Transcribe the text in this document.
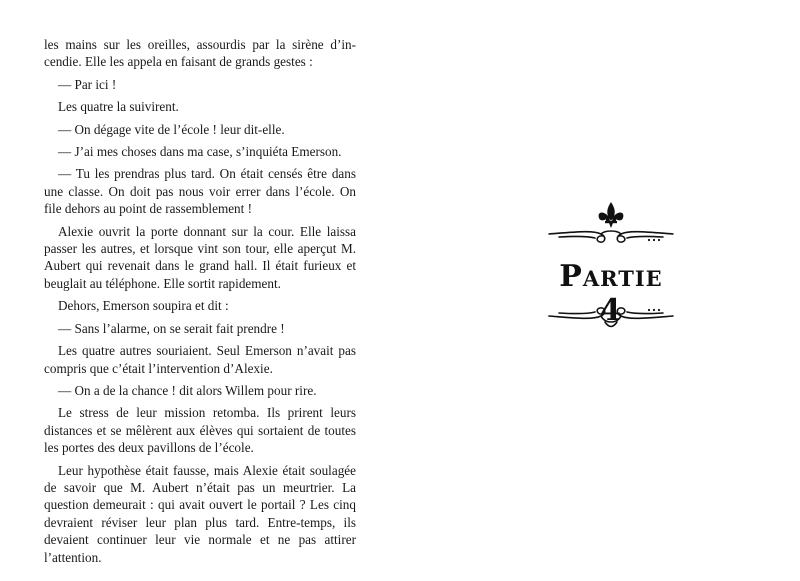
les mains sur les oreilles, assourdis par la sirène d’incendie. Elle les appela en faisant de grands gestes :

— Par ici !

Les quatre la suivirent.

— On dégage vite de l’école ! leur dit-elle.

— J’ai mes choses dans ma case, s’inquiéta Emerson.

— Tu les prendras plus tard. On était censés être dans une classe. On doit pas nous voir errer dans l’école. On file dehors au point de rassemblement !

Alexie ouvrit la porte donnant sur la cour. Elle laissa passer les autres, et lorsque vint son tour, elle aperçut M. Aubert qui revenait dans le grand hall. Il était furieux et beuglait au téléphone. Elle sortit rapidement.

Dehors, Emerson soupira et dit :

— Sans l’alarme, on se serait fait prendre !

Les quatre autres souriaient. Seul Emerson n’avait pas compris que c’était l’intervention d’Alexie.

— On a de la chance ! dit alors Willem pour rire.

Le stress de leur mission retomba. Ils prirent leurs distances et se mêlèrent aux élèves qui sortaient de toutes les portes des deux pavillons de l’école.

Leur hypothèse était fausse, mais Alexie était soulagée de savoir que M. Aubert n’était pas un meurtrier. La question demeurait : qui avait ouvert le portail ? Les cinq devraient réviser leur plan plus tard. Entre-temps, ils devaient continuer leur vie normale et ne pas attirer l’attention.

Partie 4
